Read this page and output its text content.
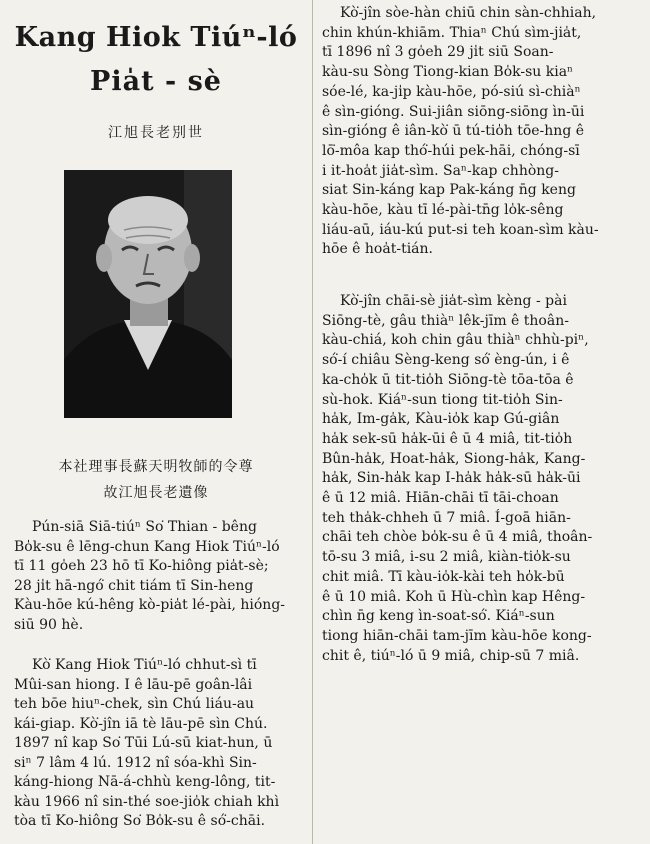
Kang Hiok Tiúⁿ-ló
Pia̍t - sè
江旭長老別世
本社理事長蘇天明牧師的令尊
故江旭長老遺像
Pún-siā Siā-tiúⁿ So͘ Thian - bêng
Bo̍k-su ê lēng-chun Kang Hiok Tiúⁿ-ló
tī 11 go̍eh 23 hō tī Ko-hiông pia̍t-sè;
28 ji̍t hā-ngó͘ chit tiám tī Sin-heng
Kàu-hōe kú-hêng kò-pia̍t lé-pài, hióng-
siū 90 hè.
Kò͘ Kang Hiok Tiúⁿ-ló chhut-sì tī
Mûi-san hiong. I ê lāu-pē goân-lâi
teh bōe hiuⁿ-chek, sìn Chú liáu-au
kái-giap. Kò͘-jîn iā tè lāu-pē sìn Chú.
1897 nî kap So͘ Tūi Lú-sū kiat-hun, ū
siⁿ 7 lâm 4 lú. 1912 nî sóa-khì Sin-
káng-hiong Nā-á-chhù keng-lông, tit-
kàu 1966 nî sin-thé soe-jio̍k chiah khì
tòa tī Ko-hiông So͘ Bo̍k-su ê só͘-chāi.
Kò͘-jîn sòe-hàn chiū chin sàn-chhiah,
chin khún-khiām. Thiaⁿ Chú sìm-jia̍t,
tī 1896 nî 3 go̍eh 29 ji̍t siū Soan-
kàu-su Sòng Tiong-kian Bo̍k-su kiaⁿ
sóe-lé, ka-ji̍p kàu-hōe, pó-siú sì-chiàⁿ
ê sìn-gióng. Sui-jiân siōng-siōng ìn-ūi
sìn-gióng ê iân-kò͘ ū tú-tio̍h tōe-hng ê
lō͘-môa kap thó͘-húi pek-hāi, chóng-sī
i it-hoa̍t jia̍t-sìm. Saⁿ-kap chhòng-
siat Sin-káng kap Pak-káng n̄g keng
kàu-hōe, kàu tī lé-pài-tn̄g lo̍k-sêng
liáu-aū, iáu-kú put-si teh koan-sìm kàu-
hōe ê hoa̍t-tián.
Kò͘-jîn chāi-sè jia̍t-sìm kèng - pài
Siōng-tè, gâu thiàⁿ lêk-jīm ê thoân-
kàu-chiá, koh chin gâu thiàⁿ chhù-piⁿ,
só͘-í chiâu Sèng-keng só͘ èng-ún, i ê
ka-cho̍k ū tit-tio̍h Siōng-tè tōa-tōa ê
sù-hok. Kiáⁿ-sun tiong tit-tio̍h Sin-
ha̍k, Im-ga̍k, Kàu-io̍k kap Gú-giân
ha̍k sek-sū ha̍k-ūi ê ū 4 miâ, tit-tio̍h
Bûn-ha̍k, Hoat-ha̍k, Siong-ha̍k, Kang-
ha̍k, Sin-ha̍k kap I-ha̍k ha̍k-sū ha̍k-ūi
ê ū 12 miâ. Hiān-chāi tī tāi-choan
teh tha̍k-chheh ū 7 miâ. Í-goā hiān-
chāi teh chòe bo̍k-su ê ū 4 miâ, thoân-
tō-su 3 miâ, i-su 2 miâ, kiàn-tio̍k-su
chit miâ. Tī kàu-io̍k-kài teh ho̍k-bū
ê ū 10 miâ. Koh ū Hù-chìn kap Hêng-
chìn n̄g keng ìn-soat-só͘. Kiáⁿ-sun
tiong hiān-chāi tam-jīm kàu-hōe kong-
chit ê, tiúⁿ-ló ū 9 miâ, chip-sū 7 miâ.
